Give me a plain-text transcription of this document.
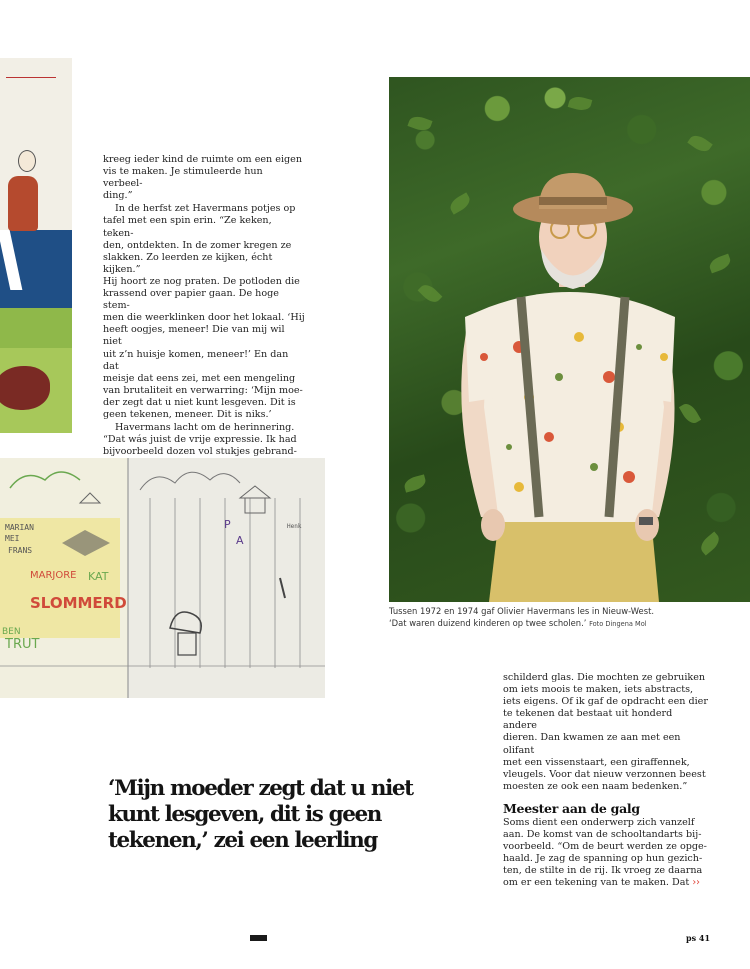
kreeg ieder kind de ruimte om een eigen
vis te maken. Je stimuleerde hun verbeel-
ding.”

In de herfst zet Havermans potjes op
tafel met een spin erin. “Ze keken, teken-
den, ontdekten. In de zomer kregen ze
slakken. Zo leerden ze kijken, écht kijken.”
Hij hoort ze nog praten. De potloden die
krassend over papier gaan. De hoge stem-
men die weerklinken door het lokaal. ‘Hij
heeft oogjes, meneer! Die van mij wil niet
uit z’n huisje komen, meneer!’ En dan dat
meisje dat eens zei, met een mengeling
van brutaliteit en verwarring: ‘Mijn moe-
der zegt dat u niet kunt lesgeven. Dit is
geen tekenen, meneer. Dit is niks.’

Havermans lacht om de herinnering.
“Dat wás juist de vrije expressie. Ik had
bijvoorbeeld dozen vol stukjes gebrand-

Tussen 1972 en 1974 gaf Olivier Havermans les in Nieuw-West.
‘Dat waren duizend kinderen op twee scholen.’ Foto Dingena Mol
MARIAN
MEI
FRANS
Henk
MARJORE KAT
SLOMMERD
TRUT
BEN
P
A

schilderd glas. Die mochten ze gebruiken
om iets moois te maken, iets abstracts,
iets eigens. Of ik gaf de opdracht een dier
te tekenen dat bestaat uit honderd andere
dieren. Dan kwamen ze aan met een olifant
met een vissenstaart, een giraffennek,
vleugels. Voor dat nieuw verzonnen beest
moesten ze ook een naam bedenken.”

Meester aan de galg

Soms dient een onderwerp zich vanzelf
aan. De komst van de schooltandarts bij-
voorbeeld. “Om de beurt werden ze opge-
haald. Je zag de spanning op hun gezich-
ten, de stilte in de rij. Ik vroeg ze daarna
om er een tekening van te maken. Dat ››

‘Mijn moeder zegt dat u niet
kunt lesgeven, dit is geen
tekenen,’ zei een leerling
ps 41
